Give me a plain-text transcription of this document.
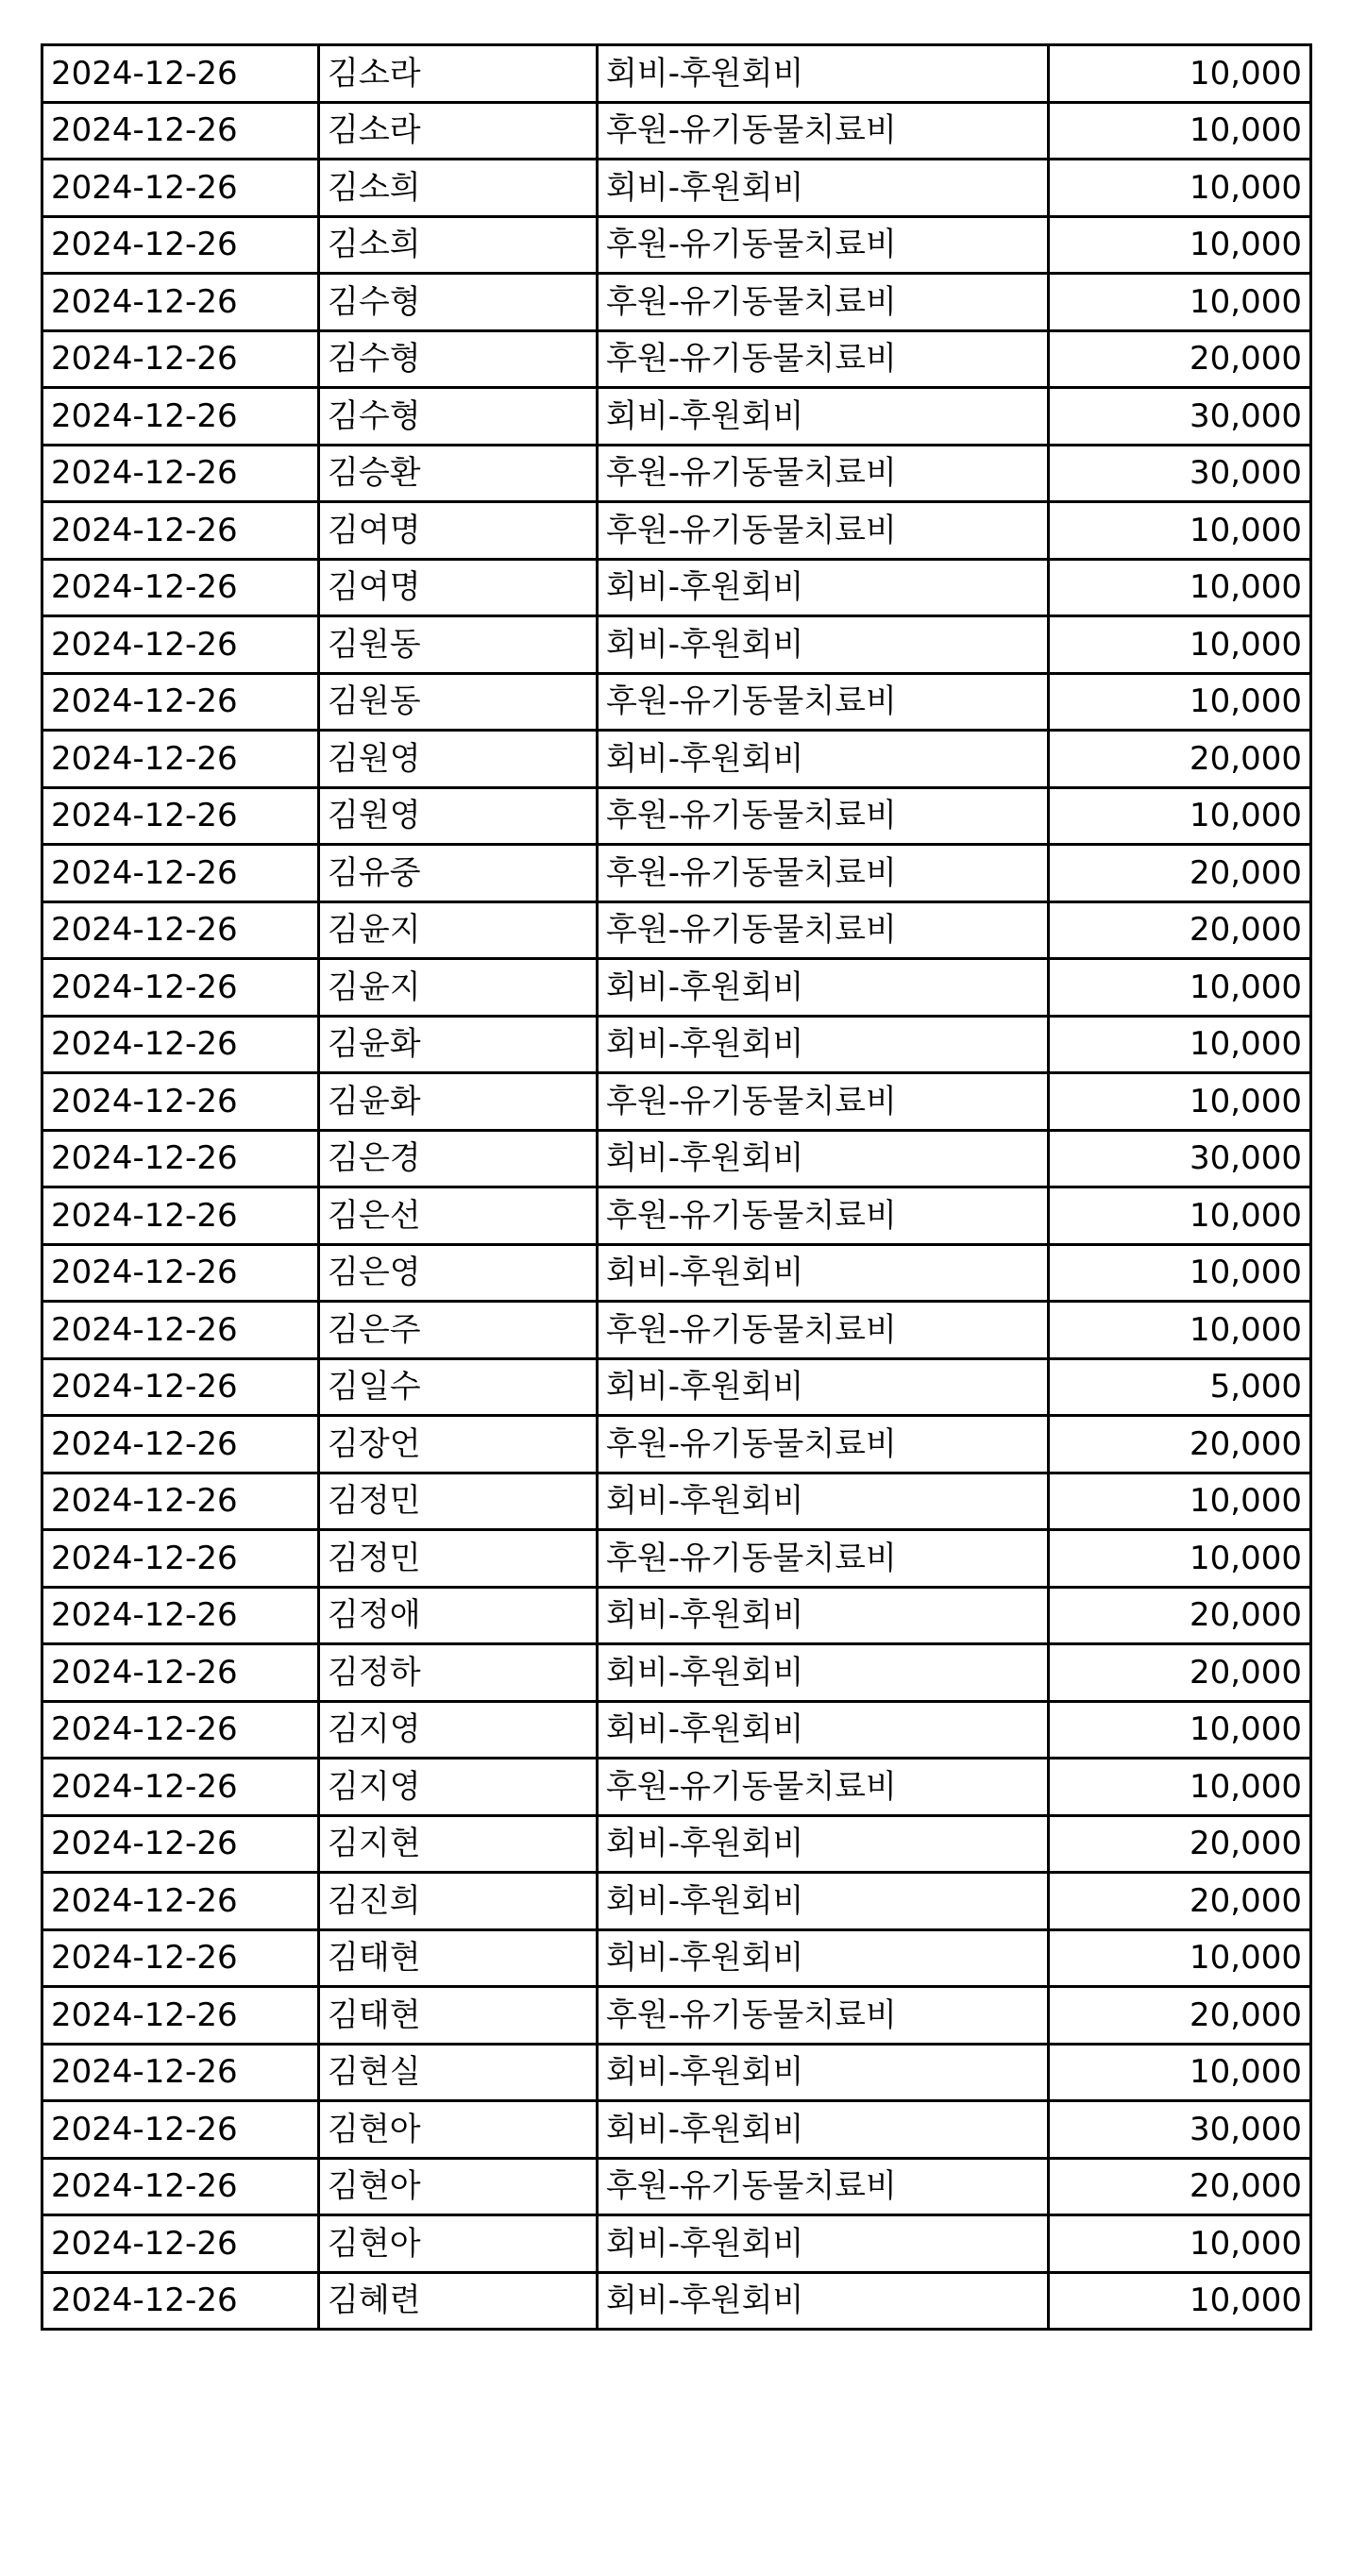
2024-12-26	김소라	회비-후원회비	10,000
2024-12-26	김소라	후원-유기동물치료비	10,000
2024-12-26	김소희	회비-후원회비	10,000
2024-12-26	김소희	후원-유기동물치료비	10,000
2024-12-26	김수형	후원-유기동물치료비	10,000
2024-12-26	김수형	후원-유기동물치료비	20,000
2024-12-26	김수형	회비-후원회비	30,000
2024-12-26	김승환	후원-유기동물치료비	30,000
2024-12-26	김여명	후원-유기동물치료비	10,000
2024-12-26	김여명	회비-후원회비	10,000
2024-12-26	김원동	회비-후원회비	10,000
2024-12-26	김원동	후원-유기동물치료비	10,000
2024-12-26	김원영	회비-후원회비	20,000
2024-12-26	김원영	후원-유기동물치료비	10,000
2024-12-26	김유중	후원-유기동물치료비	20,000
2024-12-26	김윤지	후원-유기동물치료비	20,000
2024-12-26	김윤지	회비-후원회비	10,000
2024-12-26	김윤화	회비-후원회비	10,000
2024-12-26	김윤화	후원-유기동물치료비	10,000
2024-12-26	김은경	회비-후원회비	30,000
2024-12-26	김은선	후원-유기동물치료비	10,000
2024-12-26	김은영	회비-후원회비	10,000
2024-12-26	김은주	후원-유기동물치료비	10,000
2024-12-26	김일수	회비-후원회비	5,000
2024-12-26	김장언	후원-유기동물치료비	20,000
2024-12-26	김정민	회비-후원회비	10,000
2024-12-26	김정민	후원-유기동물치료비	10,000
2024-12-26	김정애	회비-후원회비	20,000
2024-12-26	김정하	회비-후원회비	20,000
2024-12-26	김지영	회비-후원회비	10,000
2024-12-26	김지영	후원-유기동물치료비	10,000
2024-12-26	김지현	회비-후원회비	20,000
2024-12-26	김진희	회비-후원회비	20,000
2024-12-26	김태현	회비-후원회비	10,000
2024-12-26	김태현	후원-유기동물치료비	20,000
2024-12-26	김현실	회비-후원회비	10,000
2024-12-26	김현아	회비-후원회비	30,000
2024-12-26	김현아	후원-유기동물치료비	20,000
2024-12-26	김현아	회비-후원회비	10,000
2024-12-26	김혜련	회비-후원회비	10,000
